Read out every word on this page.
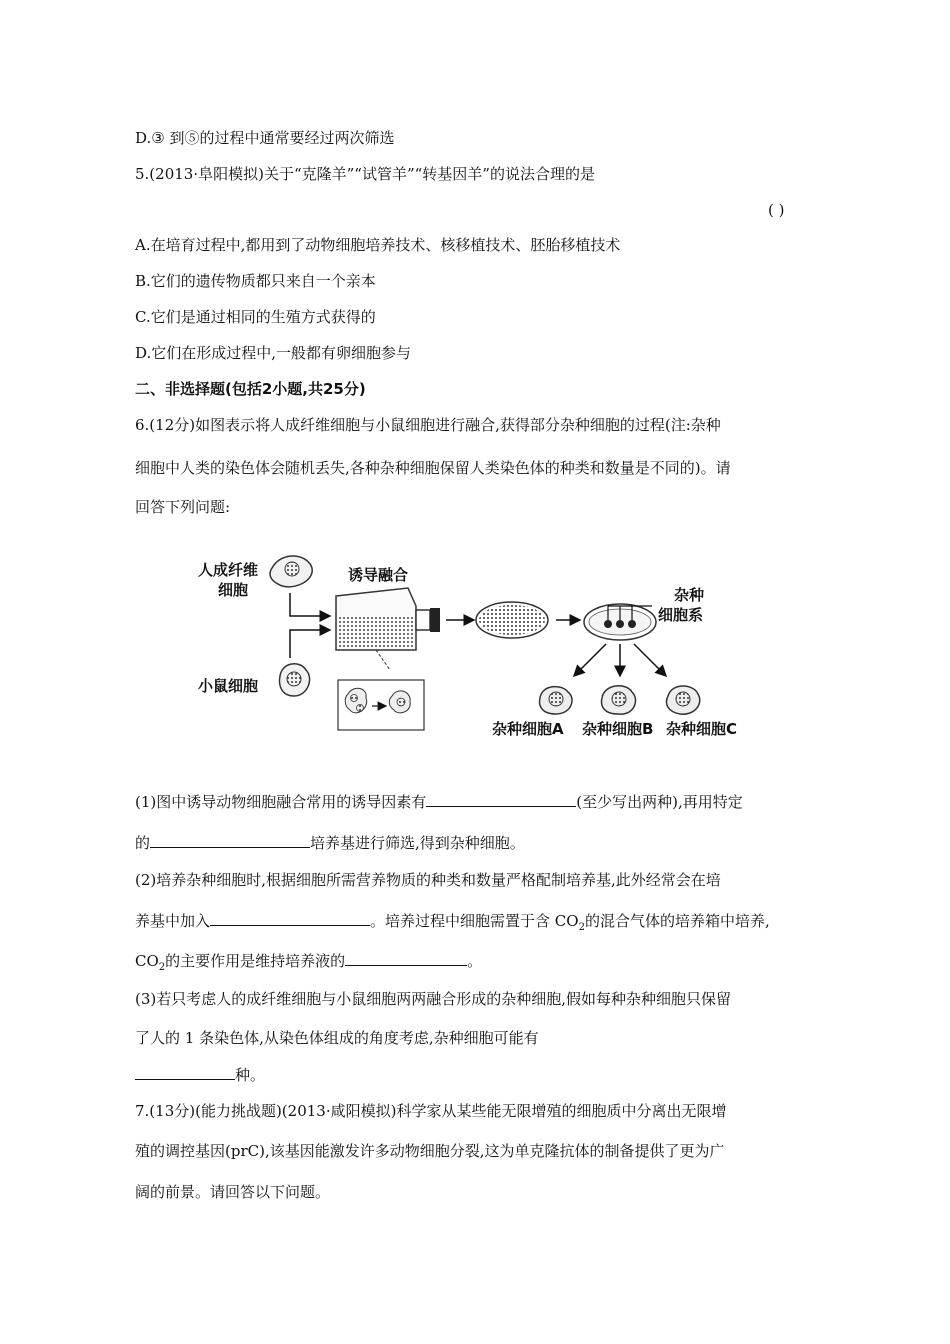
D.③ 到⑤的过程中通常要经过两次筛选
5.(2013·阜阳模拟)关于“克隆羊”“试管羊”“转基因羊”的说法合理的是
( )
A.在培育过程中,都用到了动物细胞培养技术、核移植技术、胚胎移植技术
B.它们的遗传物质都只来自一个亲本
C.它们是通过相同的生殖方式获得的
D.它们在形成过程中,一般都有卵细胞参与
二、非选择题(包括2小题,共25分)
6.(12分)如图表示将人成纤维细胞与小鼠细胞进行融合,获得部分杂种细胞的过程(注:杂种
细胞中人类的染色体会随机丢失,各种杂种细胞保留人类染色体的种类和数量是不同的)。请
回答下列问题:
人成纤维
细胞
小鼠细胞
诱导融合
杂种
细胞系
杂种细胞A 杂种细胞B 杂种细胞C
(1)图中诱导动物细胞融合常用的诱导因素有	(至少写出两种),再用特定
的	培养基进行筛选,得到杂种细胞。
(2)培养杂种细胞时,根据细胞所需营养物质的种类和数量严格配制培养基,此外经常会在培
养基中加入	。培养过程中细胞需置于含 $CO_2$的混合气体的培养箱中培养,
$CO_2$的主要作用是维持培养液的	。
(3)若只考虑人的成纤维细胞与小鼠细胞两两融合形成的杂种细胞,假如每种杂种细胞只保留
了人的 1 条染色体,从染色体组成的角度考虑,杂种细胞可能有
种。
7.(13分)(能力挑战题)(2013·咸阳模拟)科学家从某些能无限增殖的细胞质中分离出无限增
殖的调控基因(prC),该基因能激发许多动物细胞分裂,这为单克隆抗体的制备提供了更为广
阔的前景。请回答以下问题。
